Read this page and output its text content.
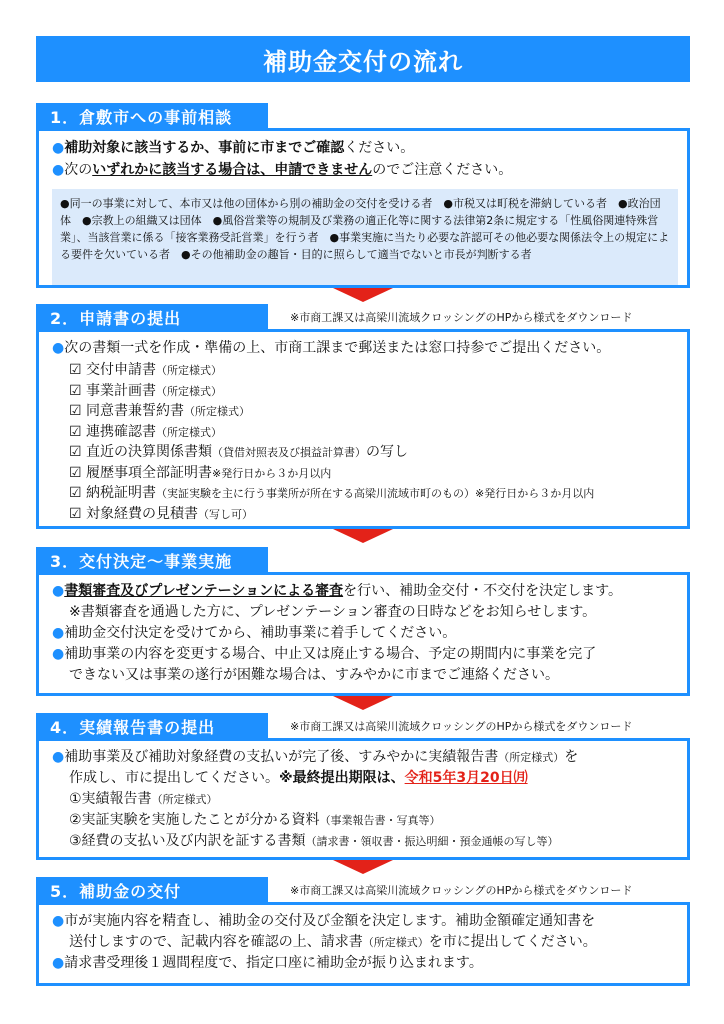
補助金交付の流れ
1．倉敷市への事前相談
●補助対象に該当するか、事前に市までご確認ください。
●次のいずれかに該当する場合は、申請できませんのでご注意ください。
●同一の事業に対して、本市又は他の団体から別の補助金の交付を受ける者　●市税又は町税を滞納している者　●政治団体　●宗教上の組織又は団体　●風俗営業等の規制及び業務の適正化等に関する法律第2条に規定する「性風俗関連特殊営業」、当該営業に係る「接客業務受託営業」を行う者　●事業実施に当たり必要な許認可その他必要な関係法令上の規定による要件を欠いている者　●その他補助金の趣旨・目的に照らして適当でないと市長が判断する者
2．申請書の提出	※市商工課又は高梁川流域クロッシングのHPから様式をダウンロード
●次の書類一式を作成・準備の上、市商工課まで郵送または窓口持参でご提出ください。
☑ 交付申請書（所定様式）
☑ 事業計画書（所定様式）
☑ 同意書兼誓約書（所定様式）
☑ 連携確認書（所定様式）
☑ 直近の決算関係書類（貸借対照表及び損益計算書）の写し
☑ 履歴事項全部証明書※発行日から３か月以内
☑ 納税証明書（実証実験を主に行う事業所が所在する高梁川流域市町のもの）※発行日から３か月以内
☑ 対象経費の見積書（写し可）
3．交付決定～事業実施
●書類審査及びプレゼンテーションによる審査を行い、補助金交付・不交付を決定します。
※書類審査を通過した方に、プレゼンテーション審査の日時などをお知らせします。
●補助金交付決定を受けてから、補助事業に着手してください。
●補助事業の内容を変更する場合、中止又は廃止する場合、予定の期間内に事業を完了
できない又は事業の遂行が困難な場合は、すみやかに市までご連絡ください。
4．実績報告書の提出	※市商工課又は高梁川流域クロッシングのHPから様式をダウンロード
●補助事業及び補助対象経費の支払いが完了後、すみやかに実績報告書（所定様式）を
作成し、市に提出してください。※最終提出期限は、令和5年3月20日㈪
①実績報告書（所定様式）
②実証実験を実施したことが分かる資料（事業報告書・写真等）
③経費の支払い及び内訳を証する書類（請求書・領収書・振込明細・預金通帳の写し等）
5．補助金の交付	※市商工課又は高梁川流域クロッシングのHPから様式をダウンロード
●市が実施内容を精査し、補助金の交付及び金額を決定します。補助金額確定通知書を
送付しますので、記載内容を確認の上、請求書（所定様式）を市に提出してください。
●請求書受理後１週間程度で、指定口座に補助金が振り込まれます。
